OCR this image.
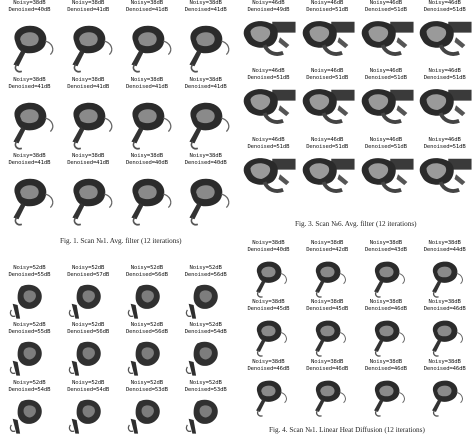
Noisy=38dB
Denoised=40dB
Noisy=38dB
Denoised=41dB
Noisy=38dB
Denoised=41dB
Noisy=38dB
Denoised=41dB
Noisy=38dB
Denoised=41dB
Noisy=38dB
Denoised=41dB
Noisy=38dB
Denoised=41dB
Noisy=38dB
Denoised=41dB
Noisy=38dB
Denoised=41dB
Noisy=38dB
Denoised=41dB
Noisy=38dB
Denoised=40dB
Noisy=38dB
Denoised=40dB
Fig. 1. Scan №1. Avg. filter (12 iterations)
Noisy=46dB
Denoised=49dB
Noisy=46dB
Denoised=51dB
Noisy=46dB
Denoised=51dB
Noisy=46dB
Denoised=51dB
Noisy=46dB
Denoised=51dB
Noisy=46dB
Denoised=51dB
Noisy=46dB
Denoised=51dB
Noisy=46dB
Denoised=51dB
Noisy=46dB
Denoised=51dB
Noisy=46dB
Denoised=51dB
Noisy=46dB
Denoised=51dB
Noisy=46dB
Denoised=51dB
Fig. 3. Scan №6. Avg. filter (12 iterations)
Noisy=52dB
Denoised=55dB
Noisy=52dB
Denoised=57dB
Noisy=52dB
Denoised=56dB
Noisy=52dB
Denoised=56dB
Noisy=52dB
Denoised=55dB
Noisy=52dB
Denoised=56dB
Noisy=52dB
Denoised=56dB
Noisy=52dB
Denoised=54dB
Noisy=52dB
Denoised=54dB
Noisy=52dB
Denoised=54dB
Noisy=52dB
Denoised=53dB
Noisy=52dB
Denoised=53dB
Noisy=38dB
Denoised=40dB
Noisy=38dB
Denoised=42dB
Noisy=38dB
Denoised=43dB
Noisy=38dB
Denoised=44dB
Noisy=38dB
Denoised=45dB
Noisy=38dB
Denoised=45dB
Noisy=38dB
Denoised=46dB
Noisy=38dB
Denoised=46dB
Noisy=38dB
Denoised=46dB
Noisy=38dB
Denoised=46dB
Noisy=38dB
Denoised=46dB
Noisy=38dB
Denoised=46dB
Fig. 4. Scan №1. Linear Heat Diffusion (12 iterations)
